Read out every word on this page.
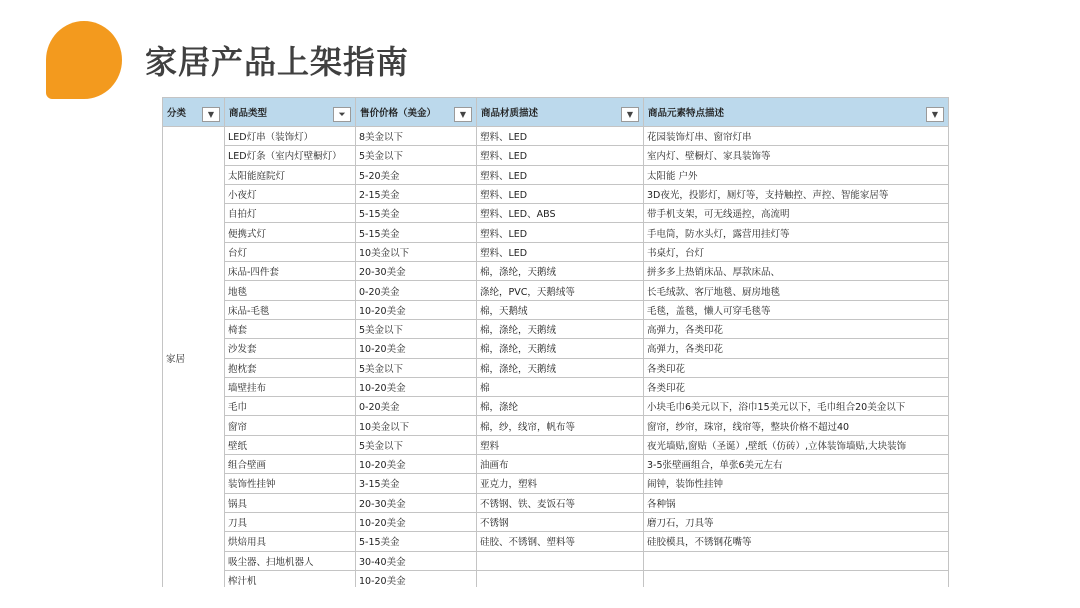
家居产品上架指南
分类 ▼	商品类型 ⏷	售价价格（美金） ▼	商品材质描述 ▼	商品元素特点描述 ▼

家居	LED灯串（装饰灯）	8美金以下	塑料、LED	花园装饰灯串、窗帘灯串
	LED灯条（室内灯壁橱灯）	5美金以下	塑料、LED	室内灯、壁橱灯、家具装饰等
	太阳能庭院灯	5-20美金	塑料、LED	太阳能 户外
	小夜灯	2-15美金	塑料、LED	3D夜光，投影灯，厕灯等，支持触控、声控、智能家居等
	自拍灯	5-15美金	塑料、LED、ABS	带手机支架，可无线遥控，高流明
	便携式灯	5-15美金	塑料、LED	手电筒，防水头灯，露营用挂灯等
	台灯	10美金以下	塑料、LED	书桌灯，台灯
	床品-四件套	20-30美金	棉，涤纶，天鹅绒	拼多多上热销床品、厚款床品、
	地毯	0-20美金	涤纶，PVC，天鹅绒等	长毛绒款、客厅地毯、厨房地毯
	床品-毛毯	10-20美金	棉，天鹅绒	毛毯，盖毯，懒人可穿毛毯等
	椅套	5美金以下	棉，涤纶，天鹅绒	高弹力，各类印花
	沙发套	10-20美金	棉，涤纶，天鹅绒	高弹力，各类印花
	抱枕套	5美金以下	棉，涤纶，天鹅绒	各类印花
	墙壁挂布	10-20美金	棉	各类印花
	毛巾	0-20美金	棉，涤纶	小块毛巾6美元以下，浴巾15美元以下，毛巾组合20美金以下
	窗帘	10美金以下	棉，纱，线帘，帆布等	窗帘，纱帘，珠帘，线帘等，整块价格不超过40
	壁纸	5美金以下	塑料	夜光墙贴,窗贴（圣诞）,壁纸（仿砖）,立体装饰墙贴,大块装饰
	组合壁画	10-20美金	油画布	3-5张壁画组合，单张6美元左右
	装饰性挂钟	3-15美金	亚克力，塑料	闹钟，装饰性挂钟
	锅具	20-30美金	不锈钢、铁、麦饭石等	各种锅
	刀具	10-20美金	不锈钢	磨刀石，刀具等
	烘焙用具	5-15美金	硅胶、不锈钢、塑料等	硅胶模具，不锈钢花嘴等
	吸尘器、扫地机器人	30-40美金		
	榨汁机	10-20美金		
